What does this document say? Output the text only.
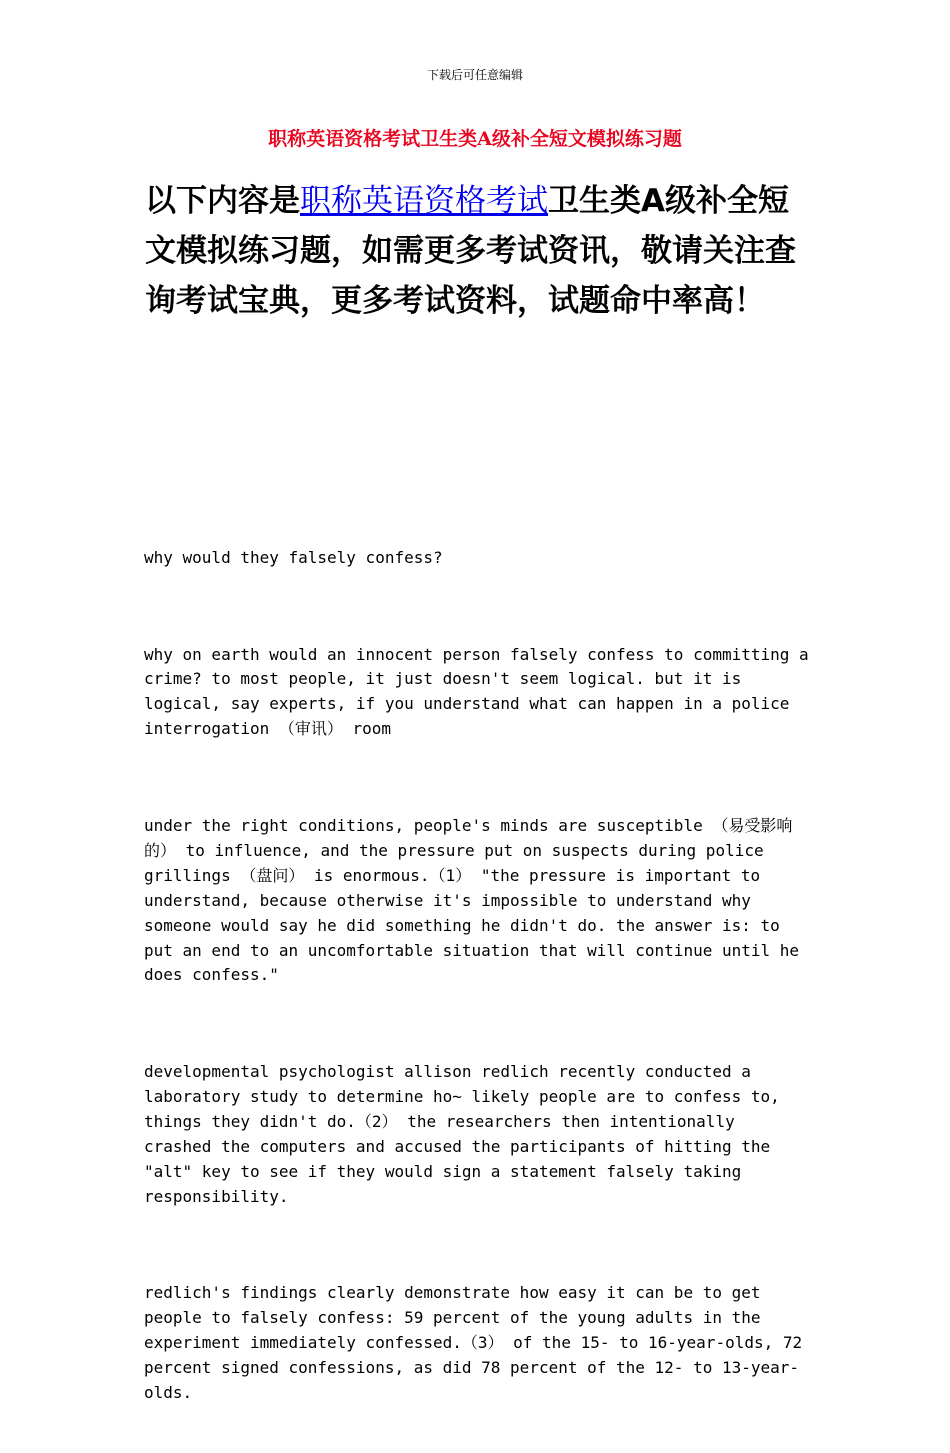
下载后可任意编辑
职称英语资格考试卫生类A级补全短文模拟练习题
以下内容是职称英语资格考试卫生类A级补全短文模拟练习题，如需更多考试资讯，敬请关注查询考试宝典，更多考试资料，试题命中率高！

why would they falsely confess?

why on earth would an innocent person falsely confess to committing a
crime? to most people, it just doesn't seem logical. but it is
logical, say experts, if you understand what can happen in a police
interrogation （审讯） room

under the right conditions, people's minds are susceptible （易受影响
的） to influence, and the pressure put on suspects during police
grillings （盘问） is enormous.（1） "the pressure is important to
understand, because otherwise it's impossible to understand why
someone would say he did something he didn't do. the answer is: to
put an end to an uncomfortable situation that will continue until he
does confess."

developmental psychologist allison redlich recently conducted a
laboratory study to determine ho~ likely people are to confess to,
things they didn't do.（2） the researchers then intentionally
crashed the computers and accused the participants of hitting the
"alt" key to see if they would sign a statement falsely taking
responsibility.

redlich's findings clearly demonstrate how easy it can be to get
people to falsely confess: 59 percent of the young adults in the
experiment immediately confessed.（3） of the 15- to 16-year-olds, 72
percent signed confessions, as did 78 percent of the 12- to 13-year-
olds.
